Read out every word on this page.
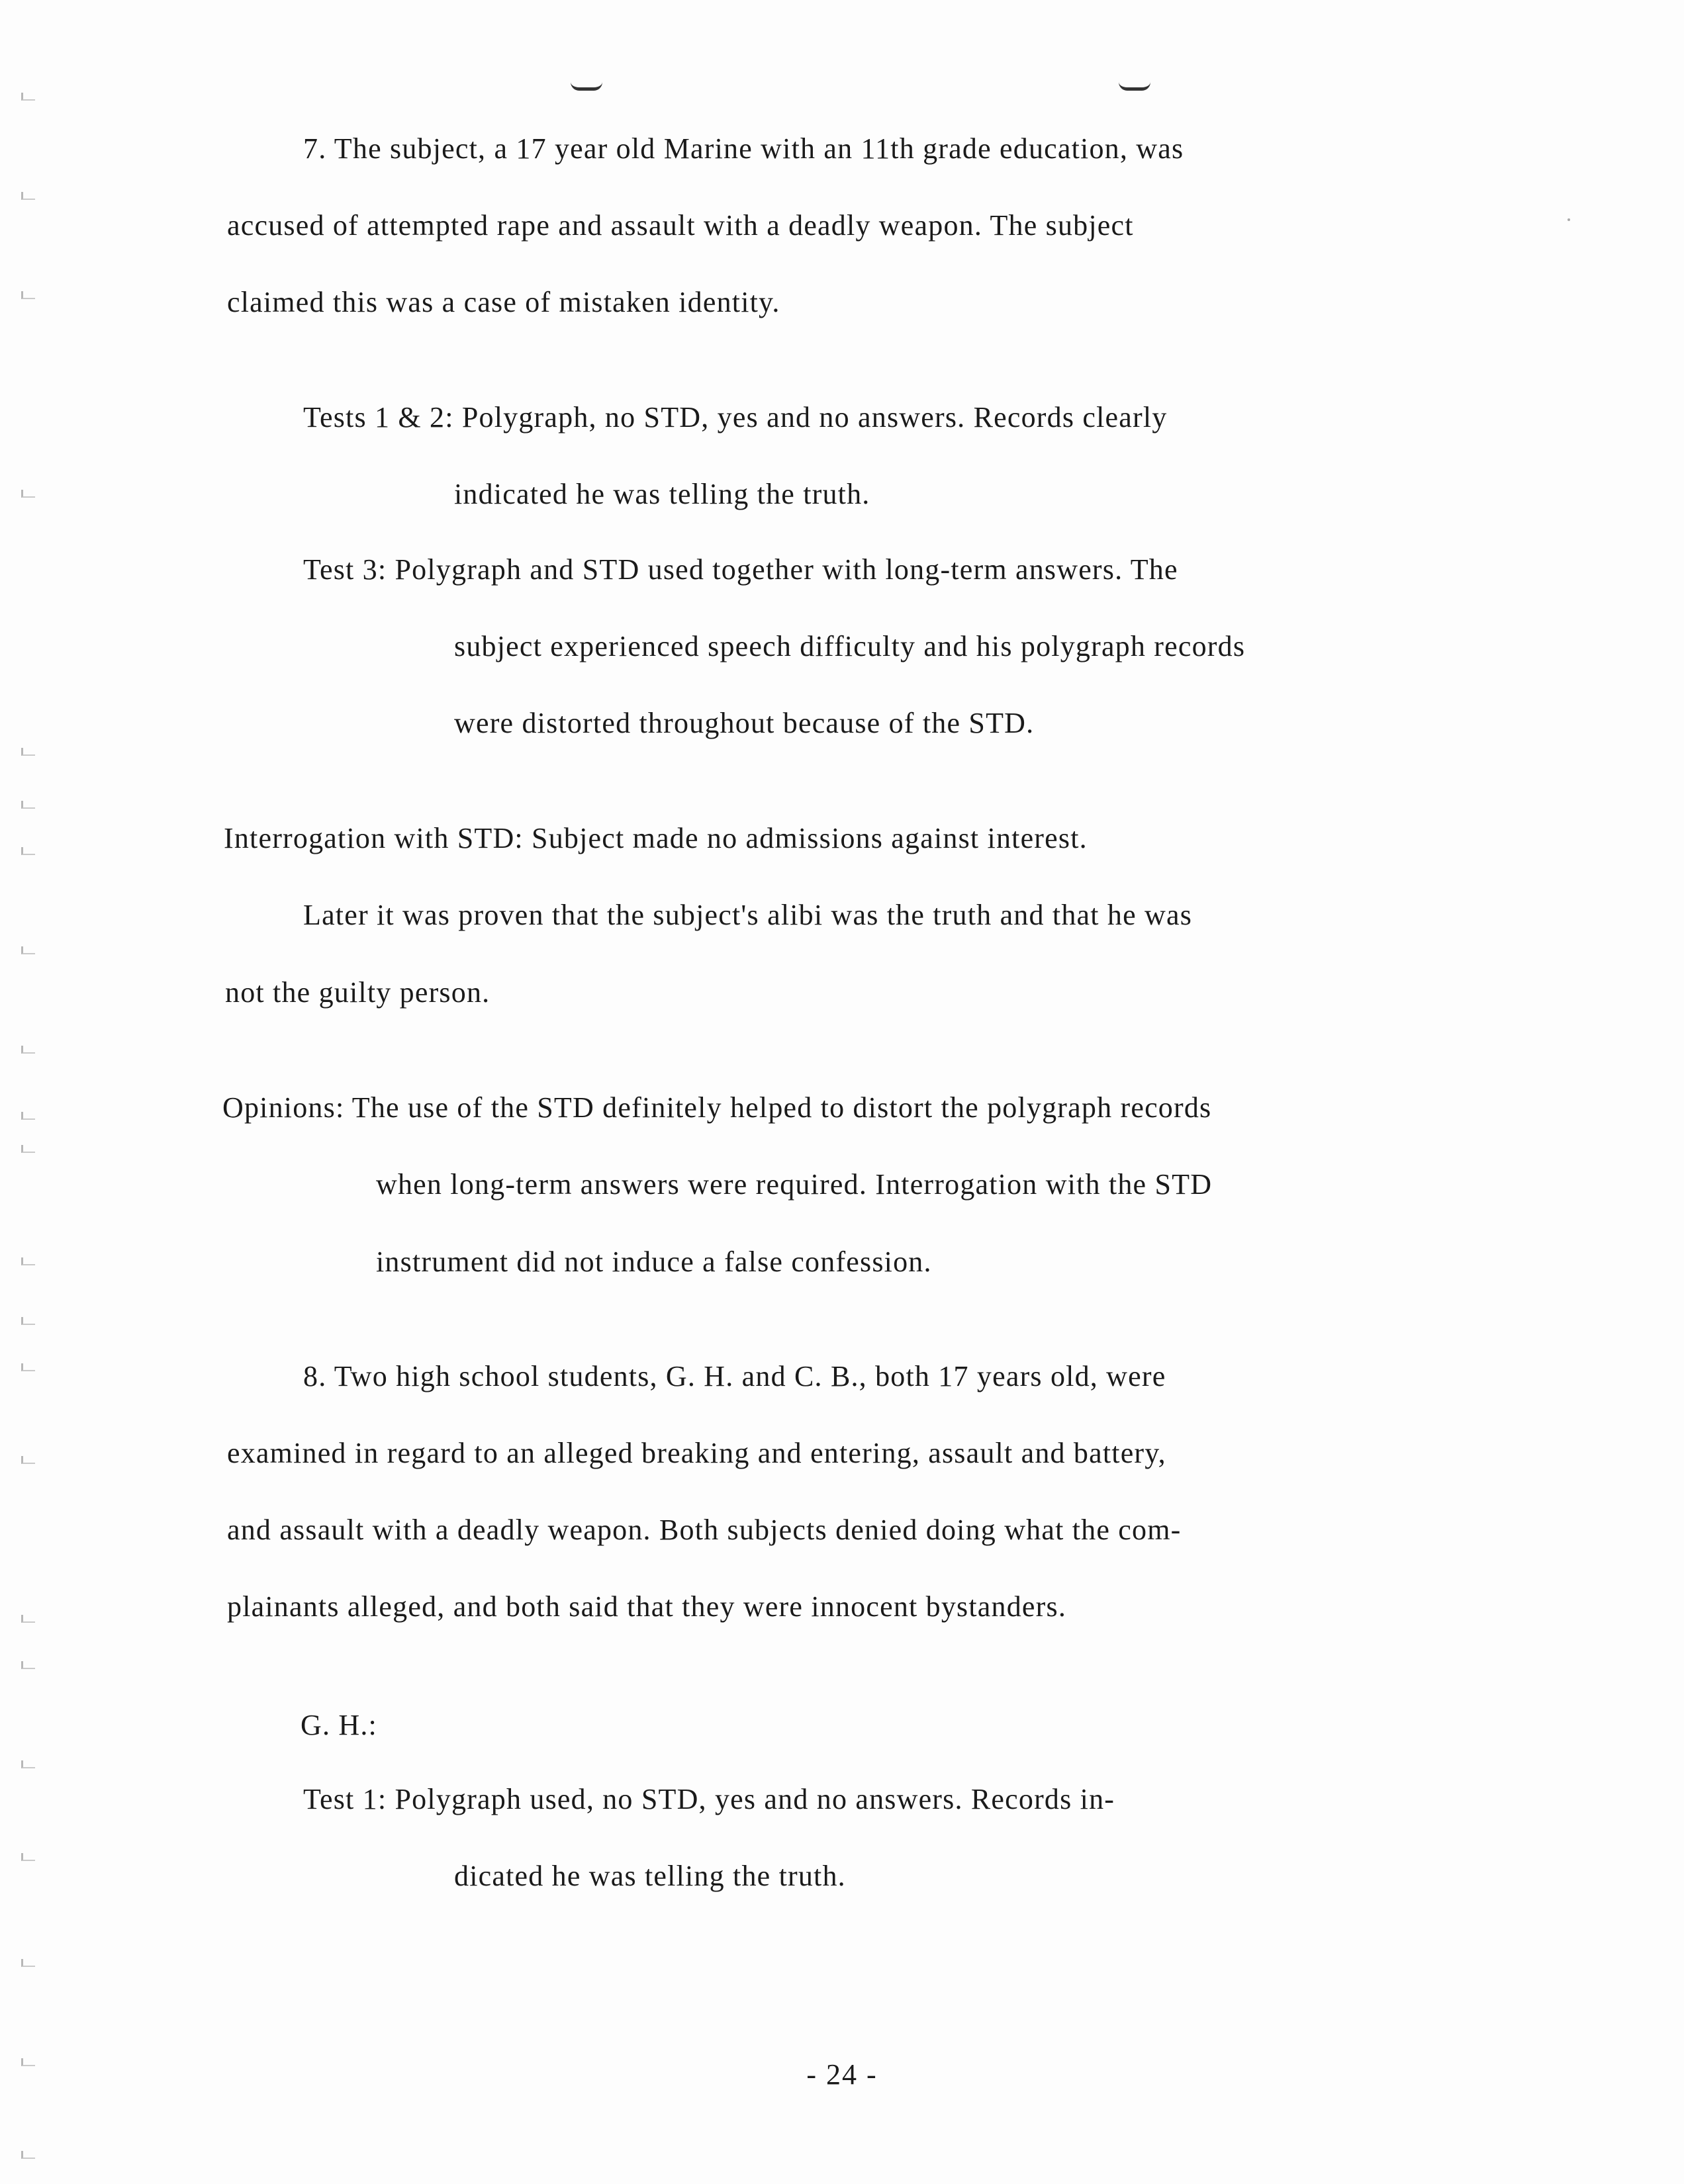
7. The subject, a 17 year old Marine with an 11th grade education, was
accused of attempted rape and assault with a deadly weapon. The subject
claimed this was a case of mistaken identity.
Tests 1 & 2: Polygraph, no STD, yes and no answers. Records clearly
indicated he was telling the truth.
Test 3: Polygraph and STD used together with long-term answers. The
subject experienced speech difficulty and his polygraph records
were distorted throughout because of the STD.
Interrogation with STD: Subject made no admissions against interest.
Later it was proven that the subject's alibi was the truth and that he was
not the guilty person.
Opinions: The use of the STD definitely helped to distort the polygraph records
when long-term answers were required. Interrogation with the STD
instrument did not induce a false confession.
8. Two high school students, G. H. and C. B., both 17 years old, were
examined in regard to an alleged breaking and entering, assault and battery,
and assault with a deadly weapon. Both subjects denied doing what the com-
plainants alleged, and both said that they were innocent bystanders.
G. H.:
Test 1: Polygraph used, no STD, yes and no answers. Records in-
dicated he was telling the truth.
- 24 -
